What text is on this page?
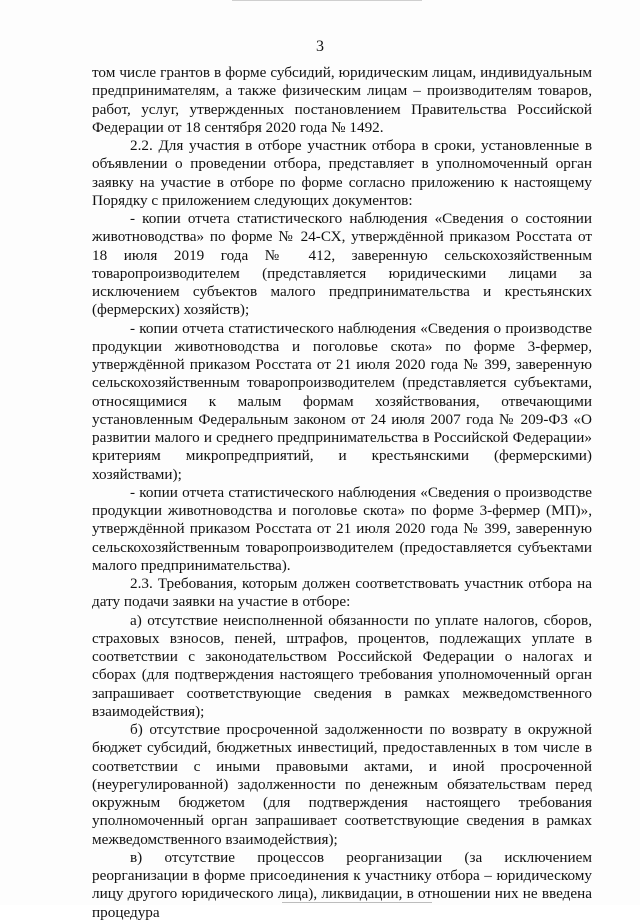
3

том числе грантов в форме субсидий, юридическим лицам, индивидуальным предпринимателям, а также физическим лицам – производителям товаров, работ, услуг, утвержденных постановлением Правительства Российской Федерации от 18 сентября 2020 года № 1492.

2.2. Для участия в отборе участник отбора в сроки, установленные в объявлении о проведении отбора, представляет в уполномоченный орган заявку на участие в отборе по форме согласно приложению к настоящему Порядку с приложением следующих документов:

- копии отчета статистического наблюдения «Сведения о состоянии животноводства» по форме № 24-СХ, утверждённой приказом Росстата от 18 июля 2019 года № 412, заверенную сельскохозяйственным товаропроизводителем (представляется юридическими лицами за исключением субъектов малого предпринимательства и крестьянских (фермерских) хозяйств);

- копии отчета статистического наблюдения «Сведения о производстве продукции животноводства и поголовье скота» по форме 3-фермер, утверждённой приказом Росстата от 21 июля 2020 года № 399, заверенную сельскохозяйственным товаропроизводителем (представляется субъектами, относящимися к малым формам хозяйствования, отвечающими установленным Федеральным законом от 24 июля 2007 года № 209-ФЗ «О развитии малого и среднего предпринимательства в Российской Федерации» критериям микропредприятий, и крестьянскими (фермерскими) хозяйствами);

- копии отчета статистического наблюдения «Сведения о производстве продукции животноводства и поголовье скота» по форме 3-фермер (МП)», утверждённой приказом Росстата от 21 июля 2020 года № 399, заверенную сельскохозяйственным товаропроизводителем (предоставляется субъектами малого предпринимательства).

2.3. Требования, которым должен соответствовать участник отбора на дату подачи заявки на участие в отборе:

а) отсутствие неисполненной обязанности по уплате налогов, сборов, страховых взносов, пеней, штрафов, процентов, подлежащих уплате в соответствии с законодательством Российской Федерации о налогах и сборах (для подтверждения настоящего требования уполномоченный орган запрашивает соответствующие сведения в рамках межведомственного взаимодействия);

б) отсутствие просроченной задолженности по возврату в окружной бюджет субсидий, бюджетных инвестиций, предоставленных в том числе в соответствии с иными правовыми актами, и иной просроченной (неурегулированной) задолженности по денежным обязательствам перед окружным бюджетом (для подтверждения настоящего требования уполномоченный орган запрашивает соответствующие сведения в рамках межведомственного взаимодействия);

в) отсутствие процессов реорганизации (за исключением реорганизации в форме присоединения к участнику отбора – юридическому лицу другого юридического лица), ликвидации, в отношении них не введена процедура
